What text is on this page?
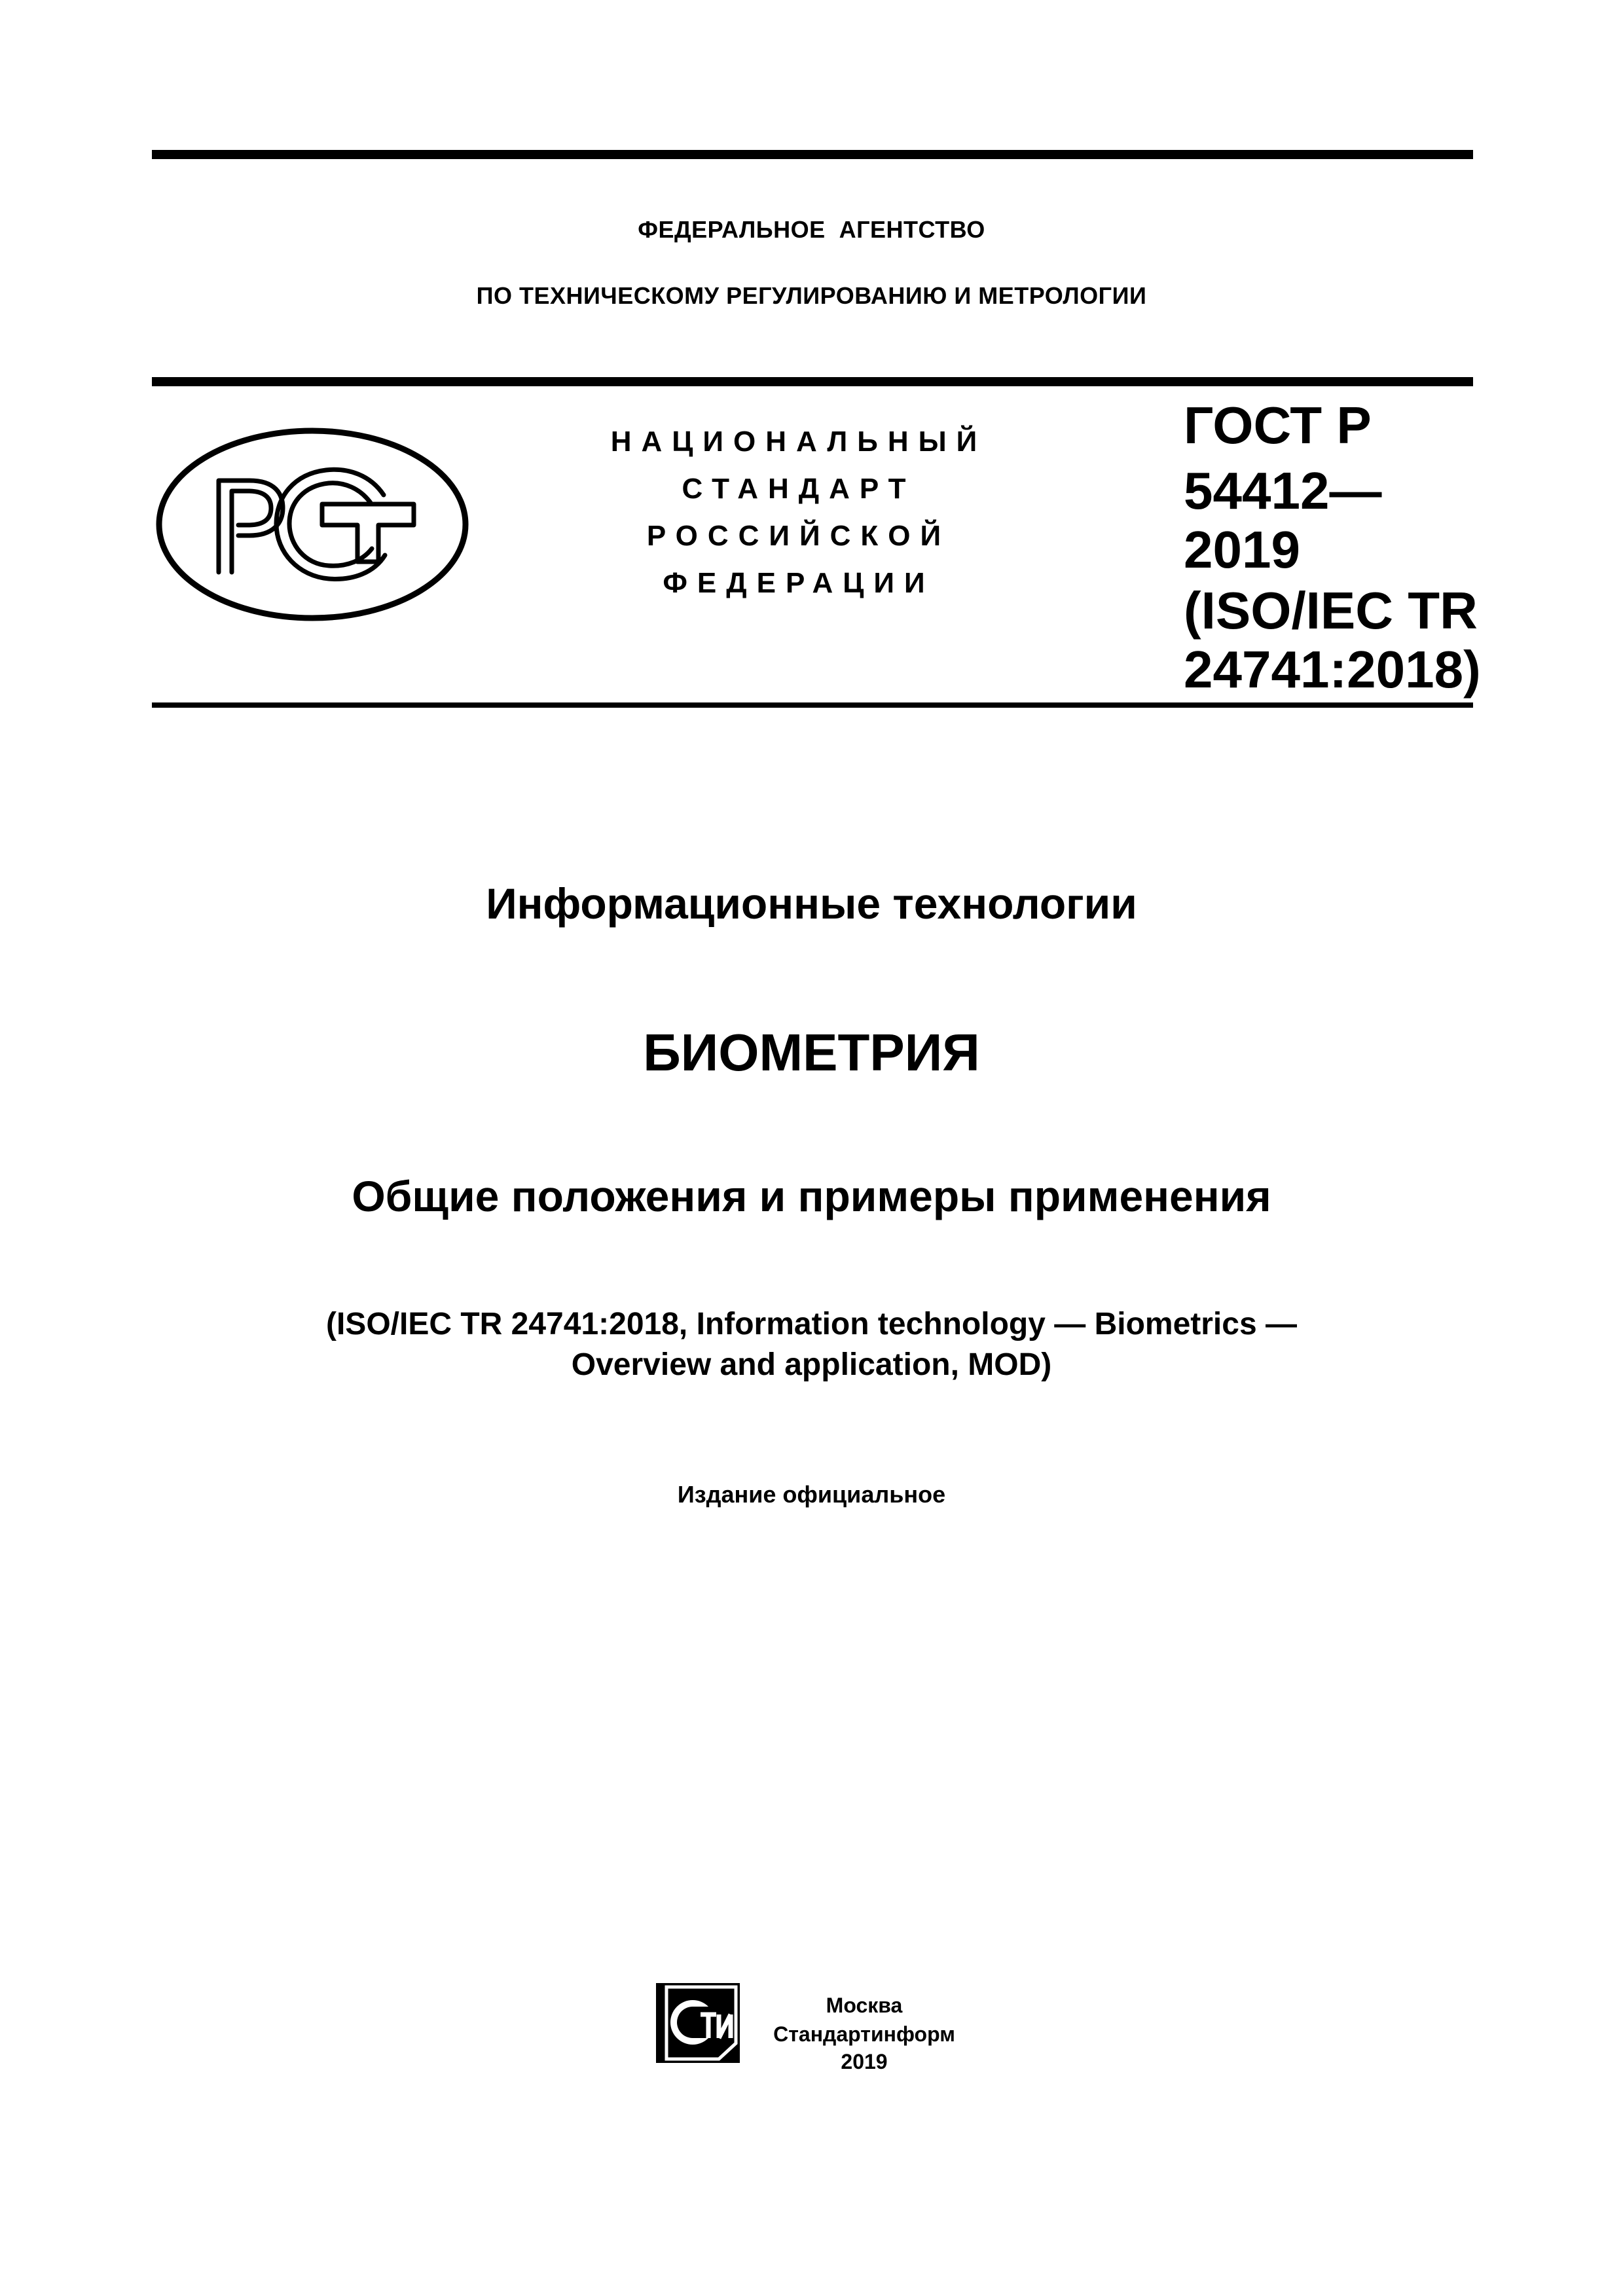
ФЕДЕРАЛЬНОЕ  АГЕНТСТВО
ПО ТЕХНИЧЕСКОМУ РЕГУЛИРОВАНИЮ И МЕТРОЛОГИИ
НАЦИОНАЛЬНЫЙ
СТАНДАРТ
РОССИЙСКОЙ
ФЕДЕРАЦИИ
ГОСТ Р
54412—
2019
(ISO/IEC TR
24741:2018)
Информационные технологии
БИОМЕТРИЯ
Общие положения и примеры применения
(ISO/IEC TR 24741:2018, Information technology — Biometrics —
Overview and application, MOD)
Издание официальное
Москва
Стандартинформ
2019
